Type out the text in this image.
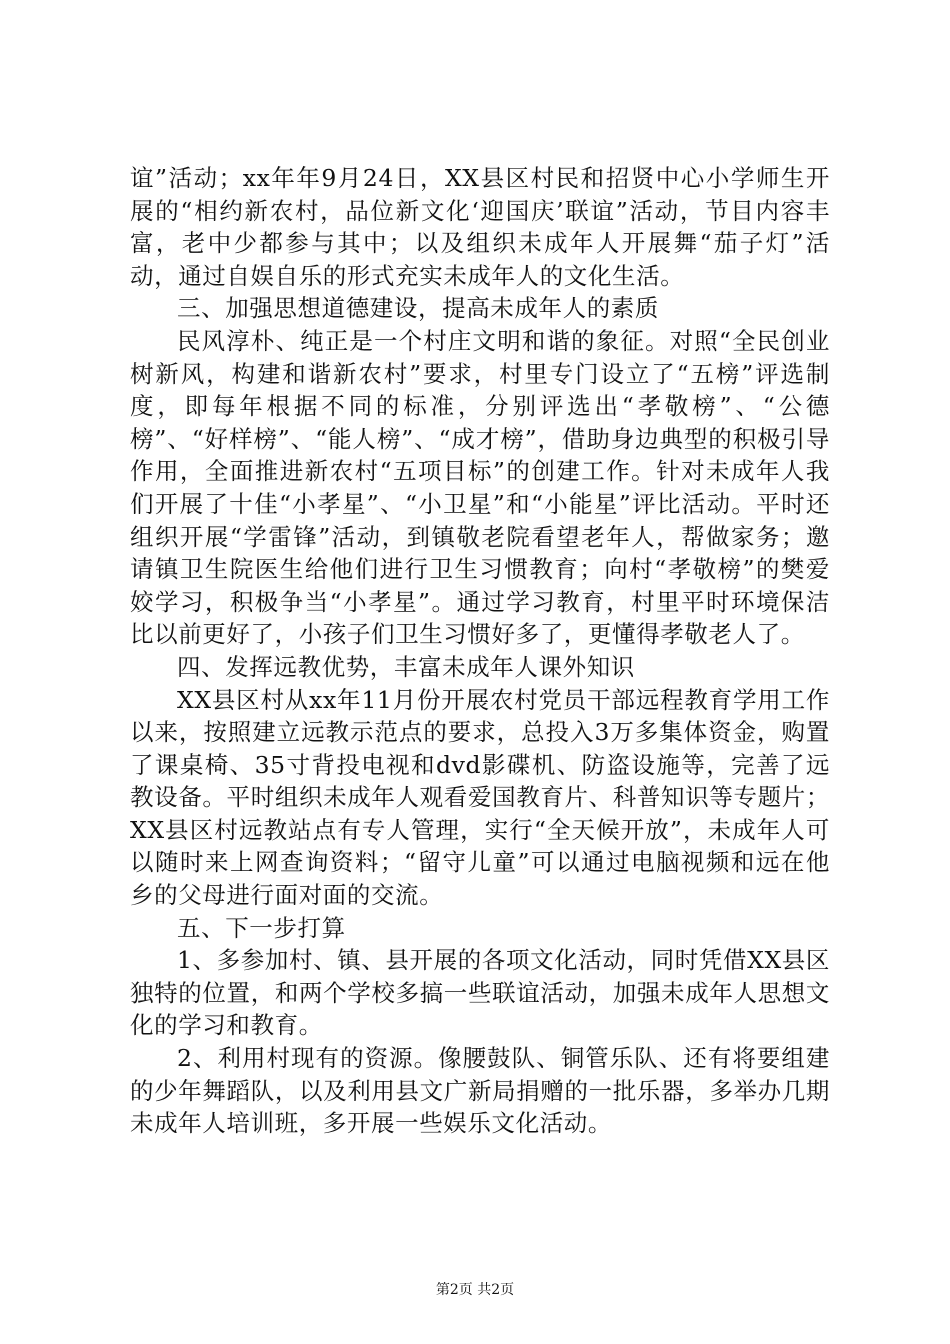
谊”活动；xx年年9月24日，XX县区村民和招贤中心小学师生开展的“相约新农村，品位新文化‘迎国庆’联谊”活动，节目内容丰富，老中少都参与其中；以及组织未成年人开展舞“茄子灯”活动，通过自娱自乐的形式充实未成年人的文化生活。

三、加强思想道德建设，提高未成年人的素质

民风淳朴、纯正是一个村庄文明和谐的象征。对照“全民创业树新风，构建和谐新农村”要求，村里专门设立了“五榜”评选制度，即每年根据不同的标准，分别评选出“孝敬榜”、“公德榜”、“好样榜”、“能人榜”、“成才榜”，借助身边典型的积极引导作用，全面推进新农村“五项目标”的创建工作。针对未成年人我们开展了十佳“小孝星”、“小卫星”和“小能星”评比活动。平时还组织开展“学雷锋”活动，到镇敬老院看望老年人，帮做家务；邀请镇卫生院医生给他们进行卫生习惯教育；向村“孝敬榜”的樊爱姣学习，积极争当“小孝星”。通过学习教育，村里平时环境保洁比以前更好了，小孩子们卫生习惯好多了，更懂得孝敬老人了。

四、发挥远教优势，丰富未成年人课外知识

XX县区村从xx年11月份开展农村党员干部远程教育学用工作以来，按照建立远教示范点的要求，总投入3万多集体资金，购置了课桌椅、35寸背投电视和dvd影碟机、防盗设施等，完善了远教设备。平时组织未成年人观看爱国教育片、科普知识等专题片；XX县区村远教站点有专人管理，实行“全天候开放”，未成年人可以随时来上网查询资料；“留守儿童”可以通过电脑视频和远在他乡的父母进行面对面的交流。

五、下一步打算

1、多参加村、镇、县开展的各项文化活动，同时凭借XX县区独特的位置，和两个学校多搞一些联谊活动，加强未成年人思想文化的学习和教育。

2、利用村现有的资源。像腰鼓队、铜管乐队、还有将要组建的少年舞蹈队，以及利用县文广新局捐赠的一批乐器，多举办几期未成年人培训班，多开展一些娱乐文化活动。

第2页 共2页
